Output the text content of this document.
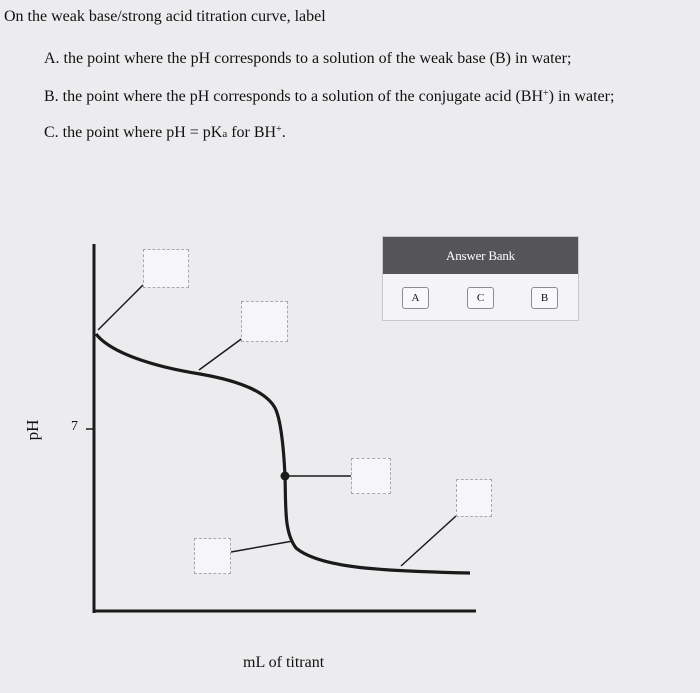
On the weak base/strong acid titration curve, label
A. the point where the pH corresponds to a solution of the weak base (B) in water;
B. the point where the pH corresponds to a solution of the conjugate acid (BH+) in water;
C. the point where pH = pKa for BH+.
pH 7
mL of titrant
Answer Bank
A	C	B
